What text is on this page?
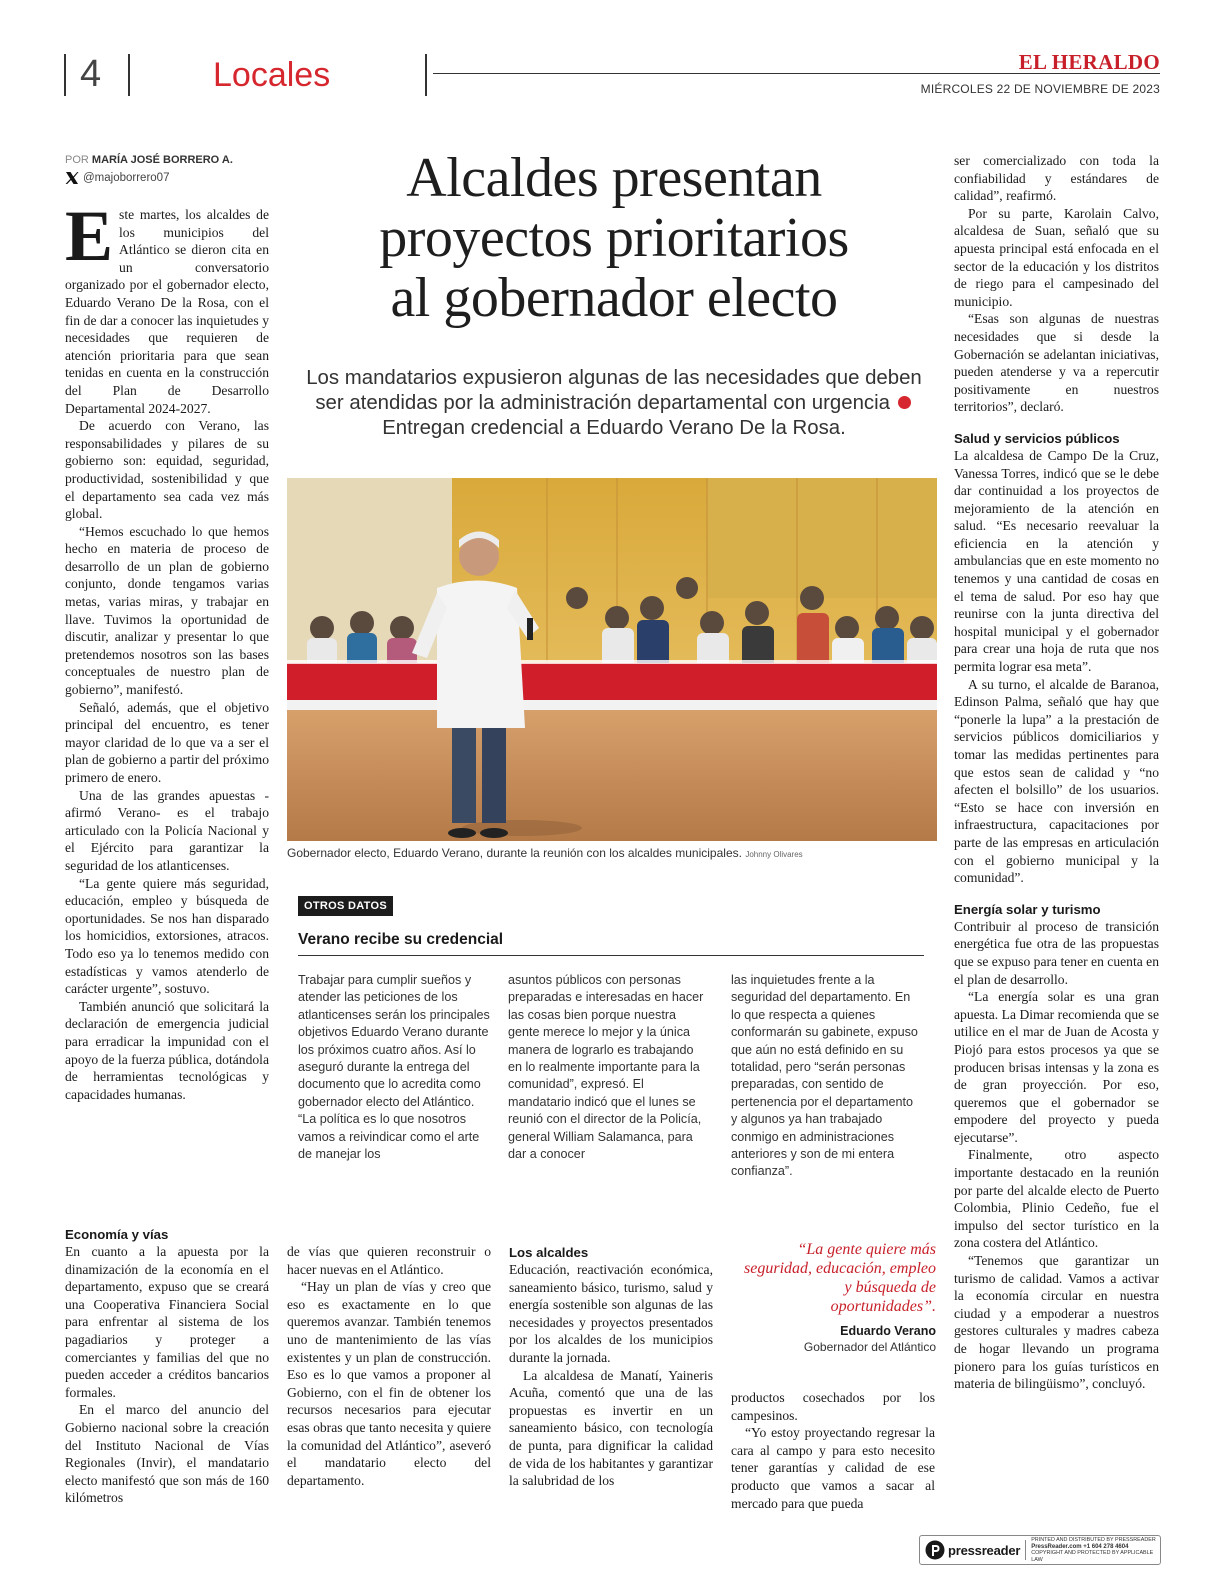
4	Locales	EL HERALDO
MIÉRCOLES 22 DE NOVIEMBRE DE 2023
POR MARÍA JOSÉ BORRERO A.
@majoborrero07

Este martes, los alcaldes de los municipios del Atlántico se dieron cita en un conversatorio organizado por el gobernador electo, Eduardo Verano De la Rosa, con el fin de dar a conocer las inquietudes y necesidades que requieren de atención prioritaria para que sean tenidas en cuenta en la construcción del Plan de Desarrollo Departamental 2024-2027.

De acuerdo con Verano, las responsabilidades y pilares de su gobierno son: equidad, seguridad, productividad, sostenibilidad y que el departamento sea cada vez más global.

“Hemos escuchado lo que hemos hecho en materia de proceso de desarrollo de un plan de gobierno conjunto, donde tengamos varias metas, varias miras, y trabajar en llave. Tuvimos la oportunidad de discutir, analizar y presentar lo que pretendemos nosotros son las bases conceptuales de nuestro plan de gobierno”, manifestó.

Señaló, además, que el objetivo principal del encuentro, es tener mayor claridad de lo que va a ser el plan de gobierno a partir del próximo primero de enero.

Una de las grandes apuestas -afirmó Verano- es el trabajo articulado con la Policía Nacional y el Ejército para garantizar la seguridad de los atlanticenses.

“La gente quiere más seguridad, educación, empleo y búsqueda de oportunidades. Se nos han disparado los homicidios, extorsiones, atracos. Todo eso ya lo tenemos medido con estadísticas y vamos atenderlo de carácter urgente”, sostuvo.

También anunció que solicitará la declaración de emergencia judicial para erradicar la impunidad con el apoyo de la fuerza pública, dotándola de herramientas tecnológicas y capacidades humanas.

Alcaldes presentan
proyectos prioritarios
al gobernador electo
Los mandatarios expusieron algunas de las necesidades que deben ser atendidas por la administración departamental con urgencia  Entregan credencial a Eduardo Verano De la Rosa.
Gobernador electo, Eduardo Verano, durante la reunión con los alcaldes municipales. Johnny Olivares
OTROS DATOS
Verano recibe su credencial

Trabajar para cumplir sueños y atender las peticiones de los atlanticenses serán los principales objetivos Eduardo Verano durante los próximos cuatro años. Así lo aseguró durante la entrega del documento que lo acredita como gobernador electo del Atlántico. “La política es lo que nosotros vamos a reivindicar como el arte de manejar los

asuntos públicos con personas preparadas e interesadas en hacer las cosas bien porque nuestra gente merece lo mejor y la única manera de lograrlo es trabajando en lo realmente importante para la comunidad”, expresó. El mandatario indicó que el lunes se reunió con el director de la Policía, general William Salamanca, para dar a conocer

las inquietudes frente a la seguridad del departamento. En lo que respecta a quienes conformarán su gabinete, expuso que aún no está definido en su totalidad, pero “serán personas preparadas, con sentido de pertenencia por el departamento y algunos ya han trabajado conmigo en administraciones anteriores y son de mi entera confianza”.

Economía y vías

En cuanto a la apuesta por la dinamización de la economía en el departamento, expuso que se creará una Cooperativa Financiera Social para enfrentar al sistema de los pagadiarios y proteger a comerciantes y familias del que no pueden acceder a créditos bancarios formales.

En el marco del anuncio del Gobierno nacional sobre la creación del Instituto Nacional de Vías Regionales (Invir), el mandatario electo manifestó que son más de 160 kilómetros

de vías que quieren reconstruir o hacer nuevas en el Atlántico.

“Hay un plan de vías y creo que eso es exactamente en lo que queremos avanzar. También tenemos uno de mantenimiento de las vías existentes y un plan de construcción. Eso es lo que vamos a proponer al Gobierno, con el fin de obtener los recursos necesarios para ejecutar esas obras que tanto necesita y quiere la comunidad del Atlántico”, aseveró el mandatario electo del departamento.

Los alcaldes

Educación, reactivación económica, saneamiento básico, turismo, salud y energía sostenible son algunas de las necesidades y proyectos presentados por los alcaldes de los municipios durante la jornada.

La alcaldesa de Manatí, Yaineris Acuña, comentó que una de las propuestas es invertir en un saneamiento básico, con tecnología de punta, para dignificar la calidad de vida de los habitantes y garantizar la salubridad de los

“La gente quiere más seguridad, educación, empleo y búsqueda de oportunidades”.
Eduardo Verano
Gobernador del Atlántico

productos cosechados por los campesinos.

“Yo estoy proyectando regresar la cara al campo y para esto necesito tener garantías y calidad de ese producto que vamos a sacar al mercado para que pueda

ser comercializado con toda la confiabilidad y estándares de calidad”, reafirmó.

Por su parte, Karolain Calvo, alcaldesa de Suan, señaló que su apuesta principal está enfocada en el sector de la educación y los distritos de riego para el campesinado del municipio.

“Esas son algunas de nuestras necesidades que si desde la Gobernación se adelantan iniciativas, pueden atenderse y va a repercutir positivamente en nuestros territorios”, declaró.

Salud y servicios públicos

La alcaldesa de Campo De la Cruz, Vanessa Torres, indicó que se le debe dar continuidad a los proyectos de mejoramiento de la atención en salud. “Es necesario reevaluar la eficiencia en la atención y ambulancias que en este momento no tenemos y una cantidad de cosas en el tema de salud. Por eso hay que reunirse con la junta directiva del hospital municipal y el gobernador para crear una hoja de ruta que nos permita lograr esa meta”.

A su turno, el alcalde de Baranoa, Edinson Palma, señaló que hay que “ponerle la lupa” a la prestación de servicios públicos domiciliarios y tomar las medidas pertinentes para que estos sean de calidad y “no afecten el bolsillo” de los usuarios. “Esto se hace con inversión en infraestructura, capacitaciones por parte de las empresas en articulación con el gobierno municipal y la comunidad”.

Energía solar y turismo

Contribuir al proceso de transición energética fue otra de las propuestas que se expuso para tener en cuenta en el plan de desarrollo.

“La energía solar es una gran apuesta. La Dimar recomienda que se utilice en el mar de Juan de Acosta y Piojó para estos procesos ya que se producen brisas intensas y la zona es de gran proyección. Por eso, queremos que el gobernador se empodere del proyecto y pueda ejecutarse”.

Finalmente, otro aspecto importante destacado en la reunión por parte del alcalde electo de Puerto Colombia, Plinio Cedeño, fue el impulso del sector turístico en la zona costera del Atlántico.

“Tenemos que garantizar un turismo de calidad. Vamos a activar la economía circular en nuestra ciudad y a empoderar a nuestros gestores culturales y madres cabeza de hogar llevando un programa pionero para los guías turísticos en materia de bilingüismo”, concluyó.

pressreader
PRINTED AND DISTRIBUTED BY PRESSREADER
PressReader.com +1 604 278 4604
COPYRIGHT AND PROTECTED BY APPLICABLE LAW
